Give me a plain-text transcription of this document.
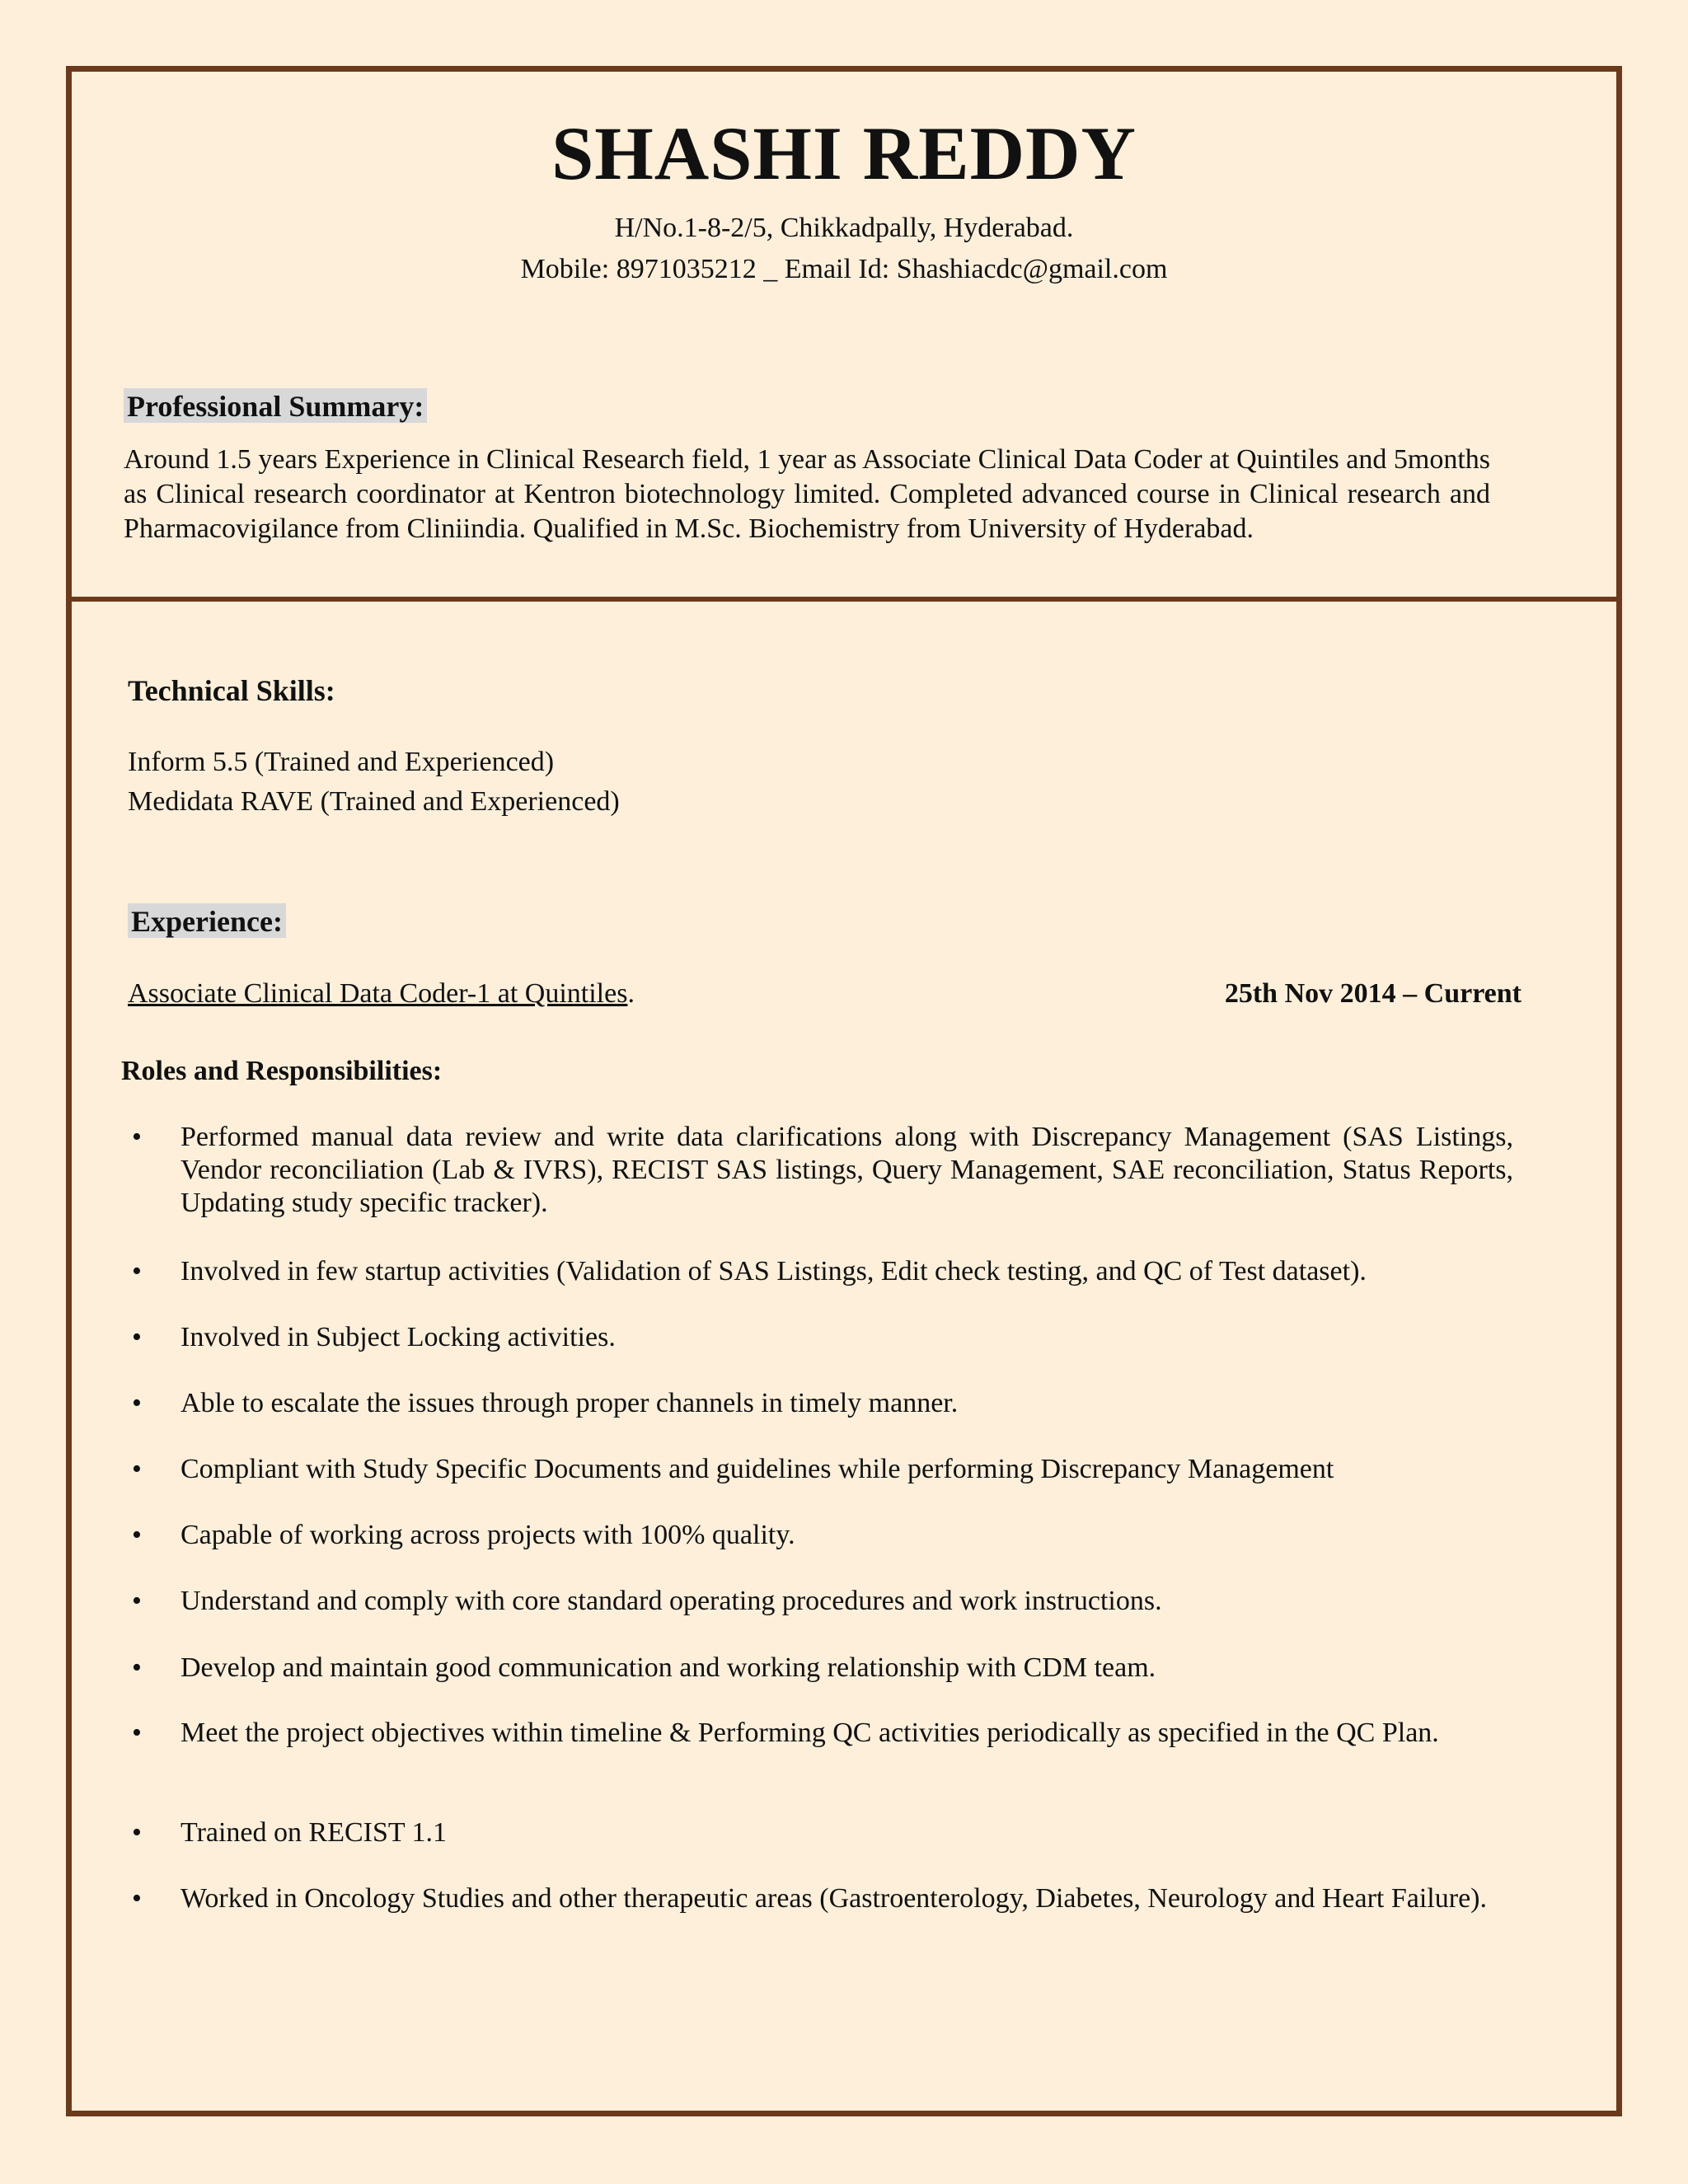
SHASHI REDDY
H/No.1-8-2/5, Chikkadpally, Hyderabad.
Mobile: 8971035212 _ Email Id: Shashiacdc@gmail.com
Professional Summary:
Around 1.5 years Experience in Clinical Research field, 1 year as Associate Clinical Data Coder at Quintiles and 5months as Clinical research coordinator at Kentron biotechnology limited. Completed advanced course in Clinical research and Pharmacovigilance from Cliniindia. Qualified in M.Sc. Biochemistry from University of Hyderabad.
Technical Skills:
Inform 5.5 (Trained and Experienced)
Medidata RAVE (Trained and Experienced)
Experience:
Associate Clinical Data Coder-1 at Quintiles.	25th Nov 2014 – Current
Roles and Responsibilities:
• Performed manual data review and write data clarifications along with Discrepancy Management (SAS Listings, Vendor reconciliation (Lab & IVRS), RECIST SAS listings, Query Management, SAE reconciliation, Status Reports, Updating study specific tracker).
• Involved in few startup activities (Validation of SAS Listings, Edit check testing, and QC of Test dataset).
• Involved in Subject Locking activities.
• Able to escalate the issues through proper channels in timely manner.
• Compliant with Study Specific Documents and guidelines while performing Discrepancy Management
• Capable of working across projects with 100% quality.
• Understand and comply with core standard operating procedures and work instructions.
• Develop and maintain good communication and working relationship with CDM team.
• Meet the project objectives within timeline & Performing QC activities periodically as specified in the QC Plan.
• Trained on RECIST 1.1
• Worked in Oncology Studies and other therapeutic areas (Gastroenterology, Diabetes, Neurology and Heart Failure).
